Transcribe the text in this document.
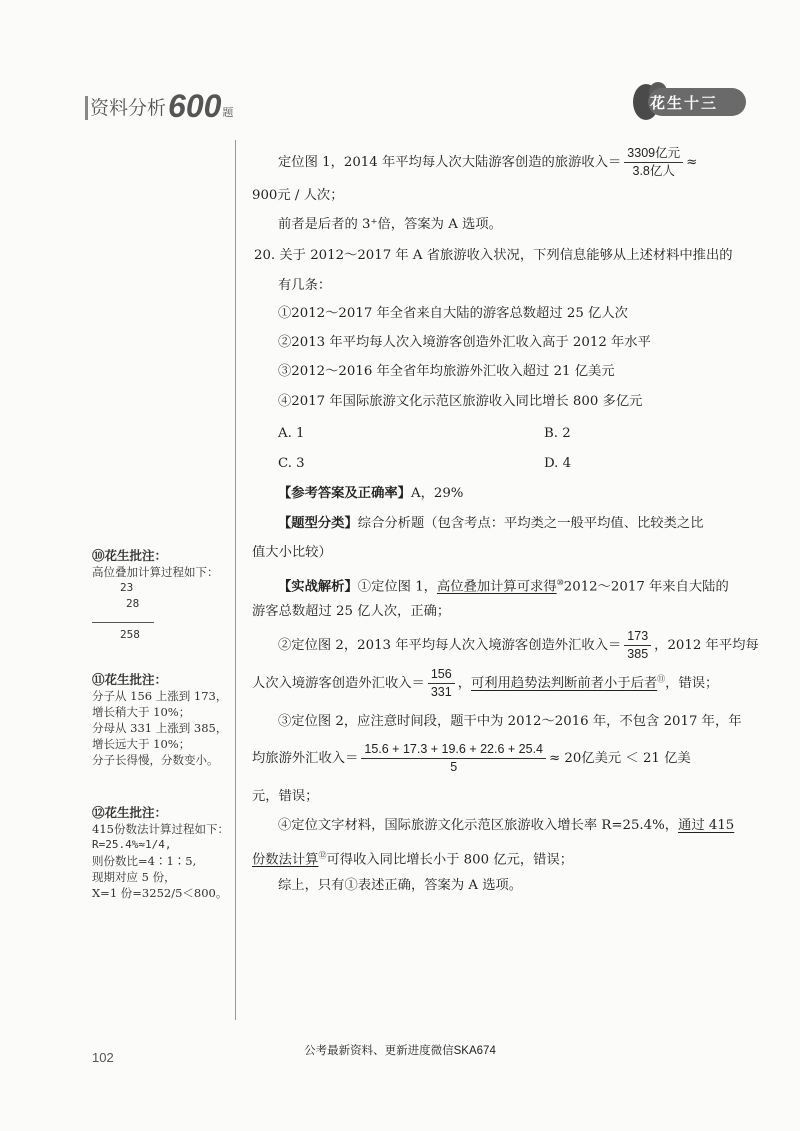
资料分析 600 题
花生十三
定位图 1，2014 年平均每人次大陆游客创造的旅游收入＝ $\frac{\text{3309亿元}}{\text{3.8亿人}}$ ≈
900元 / 人次；
前者是后者的 3⁺倍，答案为 A 选项。
20. 关于 2012～2017 年 A 省旅游收入状况，下列信息能够从上述材料中推出的
有几条：
①2012～2017 年全省来自大陆的游客总数超过 25 亿人次
②2013 年平均每人次入境游客创造外汇收入高于 2012 年水平
③2012～2016 年全省年均旅游外汇收入超过 21 亿美元
④2017 年国际旅游文化示范区旅游收入同比增长 800 多亿元
A. 1	B. 2
C. 3	D. 4
【参考答案及正确率】A，29%
【题型分类】综合分析题（包含考点：平均类之一般平均值、比较类之比
值大小比较）
【实战解析】①定位图 1，高位叠加计算可求得⑩2012～2017 年来自大陆的
游客总数超过 25 亿人次，正确；
②定位图 2，2013 年平均每人次入境游客创造外汇收入＝ $\frac{173}{385}$ ，2012 年平均每
人次入境游客创造外汇收入＝ $\frac{156}{331}$ ，可利用趋势法判断前者小于后者⑪，错误；
③定位图 2，应注意时间段，题干中为 2012～2016 年，不包含 2017 年，年
均旅游外汇收入＝ $\frac{15.6 + 17.3 + 19.6 + 22.6 + 25.4}{5} \approx 20$亿美元 ＜ 21 亿美
元，错误；
④定位文字材料，国际旅游文化示范区旅游收入增长率 R=25.4%，通过 415
份数法计算⑫可得收入同比增长小于 800 亿元，错误；
综上，只有①表述正确，答案为 A 选项。
⑩花生批注：
高位叠加计算过程如下：
23
28
258
⑪花生批注：
分子从 156 上涨到 173，
增长稍大于 10%；
分母从 331 上涨到 385，
增长远大于 10%；
分子长得慢，分数变小。
⑫花生批注：
415份数法计算过程如下：
R=25.4%≈1/4,
则份数比=4∶1∶5,
现期对应 5 份，
X=1 份=3252/5＜800。
公考最新资料、更新进度微信SKA674
102
